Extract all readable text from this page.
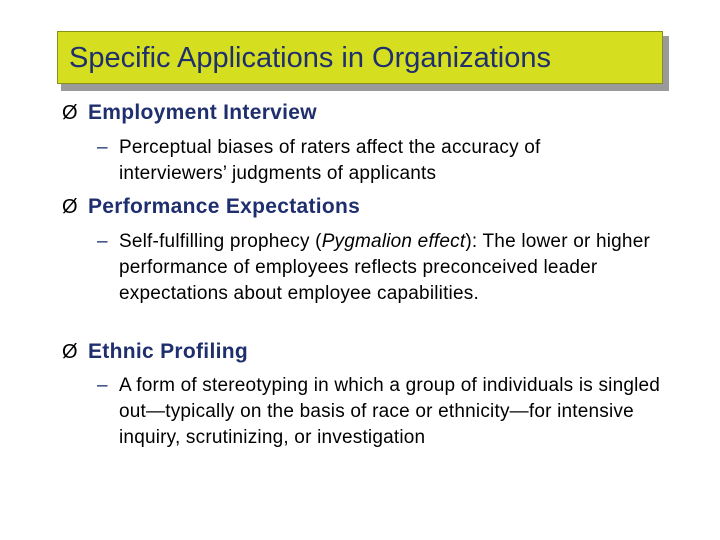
Specific Applications in Organizations
Ø Employment Interview
– Perceptual biases of raters affect the accuracy of interviewers’ judgments of applicants
Ø Performance Expectations
– Self-fulfilling prophecy (Pygmalion effect): The lower or higher performance of employees reflects preconceived leader expectations about employee capabilities.
Ø Ethnic Profiling
– A form of stereotyping in which a group of individuals is singled out—typically on the basis of race or ethnicity—for intensive inquiry, scrutinizing, or investigation
